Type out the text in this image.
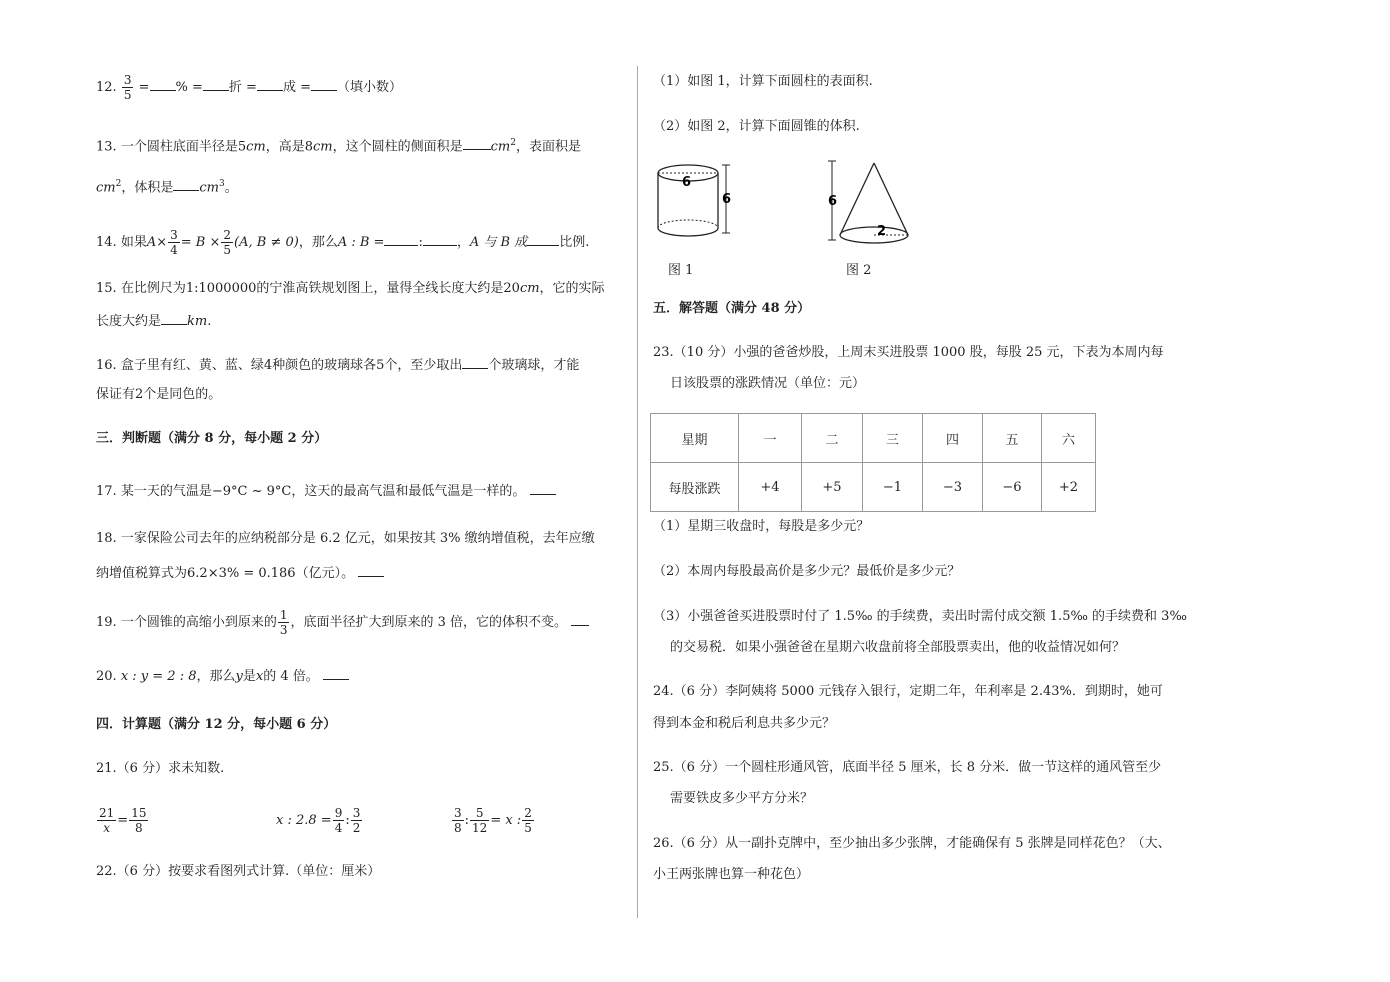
12. $\frac{3}{5}$ = % = 折 = 成 = （填小数）
13. 一个圆柱底面半径是5cm，高是8cm，这个圆柱的侧面积是 $cm^2$，表面积是
$cm^2$，体积是 $cm^3$。
14. 如果$A\times \frac{3}{4} = B \times \frac{2}{5} (A$, B ≠ 0)，那么A : B =	:	，A 与 B 成 比例.
15. 在比例尺为1:1000000的宁淮高铁规划图上，量得全线长度大约是20cm，它的实际
长度大约是 km.
16. 盒子里有红、黄、蓝、绿4种颜色的玻璃球各5个，至少取出 个玻璃球，才能
保证有2个是同色的。
三．判断题（满分 8 分，每小题 2 分）
17. 某一天的气温是−9°C ~ 9°C，这天的最高气温和最低气温是一样的。
18. 一家保险公司去年的应纳税部分是 6.2 亿元，如果按其 3% 缴纳增值税，去年应缴
纳增值税算式为6.2×3% = 0.186（亿元）。
19. 一个圆锥的高缩小到原来的 $\frac{1}{3}$ ，底面半径扩大到原来的 3 倍，它的体积不变。
20. x : y = 2 : 8，那么y是x的 4 倍。
四．计算题（满分 12 分，每小题 6 分）
21.（6 分）求未知数.
$\frac{21}{x}= \frac{15}{8}$	x : $2.8 = \frac{9}{4}$ : $\frac{3}{2}$	$\frac{3}{8}$ : $\frac{5}{12} = x$ : $\frac{2}{5}$
22.（6 分）按要求看图列式计算.（单位：厘米）
（1）如图 1，计算下面圆柱的表面积.
（2）如图 2，计算下面圆锥的体积.
6
6
图 1
2
6
图 2
五．解答题（满分 48 分）
23.（10 分）小强的爸爸炒股，上周末买进股票 1000 股，每股 25 元，下表为本周内每
日该股票的涨跌情况（单位：元）
星期	一	二	三	四	五	六
每股涨跌	+4	+5	−1	−3	−6	+2
（1）星期三收盘时，每股是多少元？
（2）本周内每股最高价是多少元？最低价是多少元？
（3）小强爸爸买进股票时付了 1.5‰ 的手续费，卖出时需付成交额 1.5‰ 的手续费和 3‰
的交易税．如果小强爸爸在星期六收盘前将全部股票卖出，他的收益情况如何？
24.（6 分）李阿姨将 5000 元钱存入银行，定期二年，年利率是 2.43%．到期时，她可
得到本金和税后利息共多少元？
25.（6 分）一个圆柱形通风管，底面半径 5 厘米，长 8 分米．做一节这样的通风管至少
需要铁皮多少平方分米？
26.（6 分）从一副扑克牌中，至少抽出多少张牌，才能确保有 5 张牌是同样花色？（大、
小王两张牌也算一种花色）
